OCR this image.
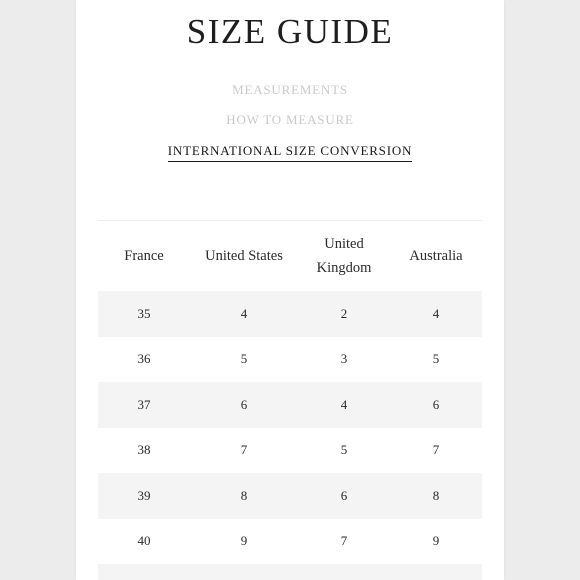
SIZE GUIDE
MEASUREMENTS
HOW TO MEASURE
INTERNATIONAL SIZE CONVERSION
France	United States	United Kingdom	Australia
35	4	2	4
36	5	3	5
37	6	4	6
38	7	5	7
39	8	6	8
40	9	7	9
